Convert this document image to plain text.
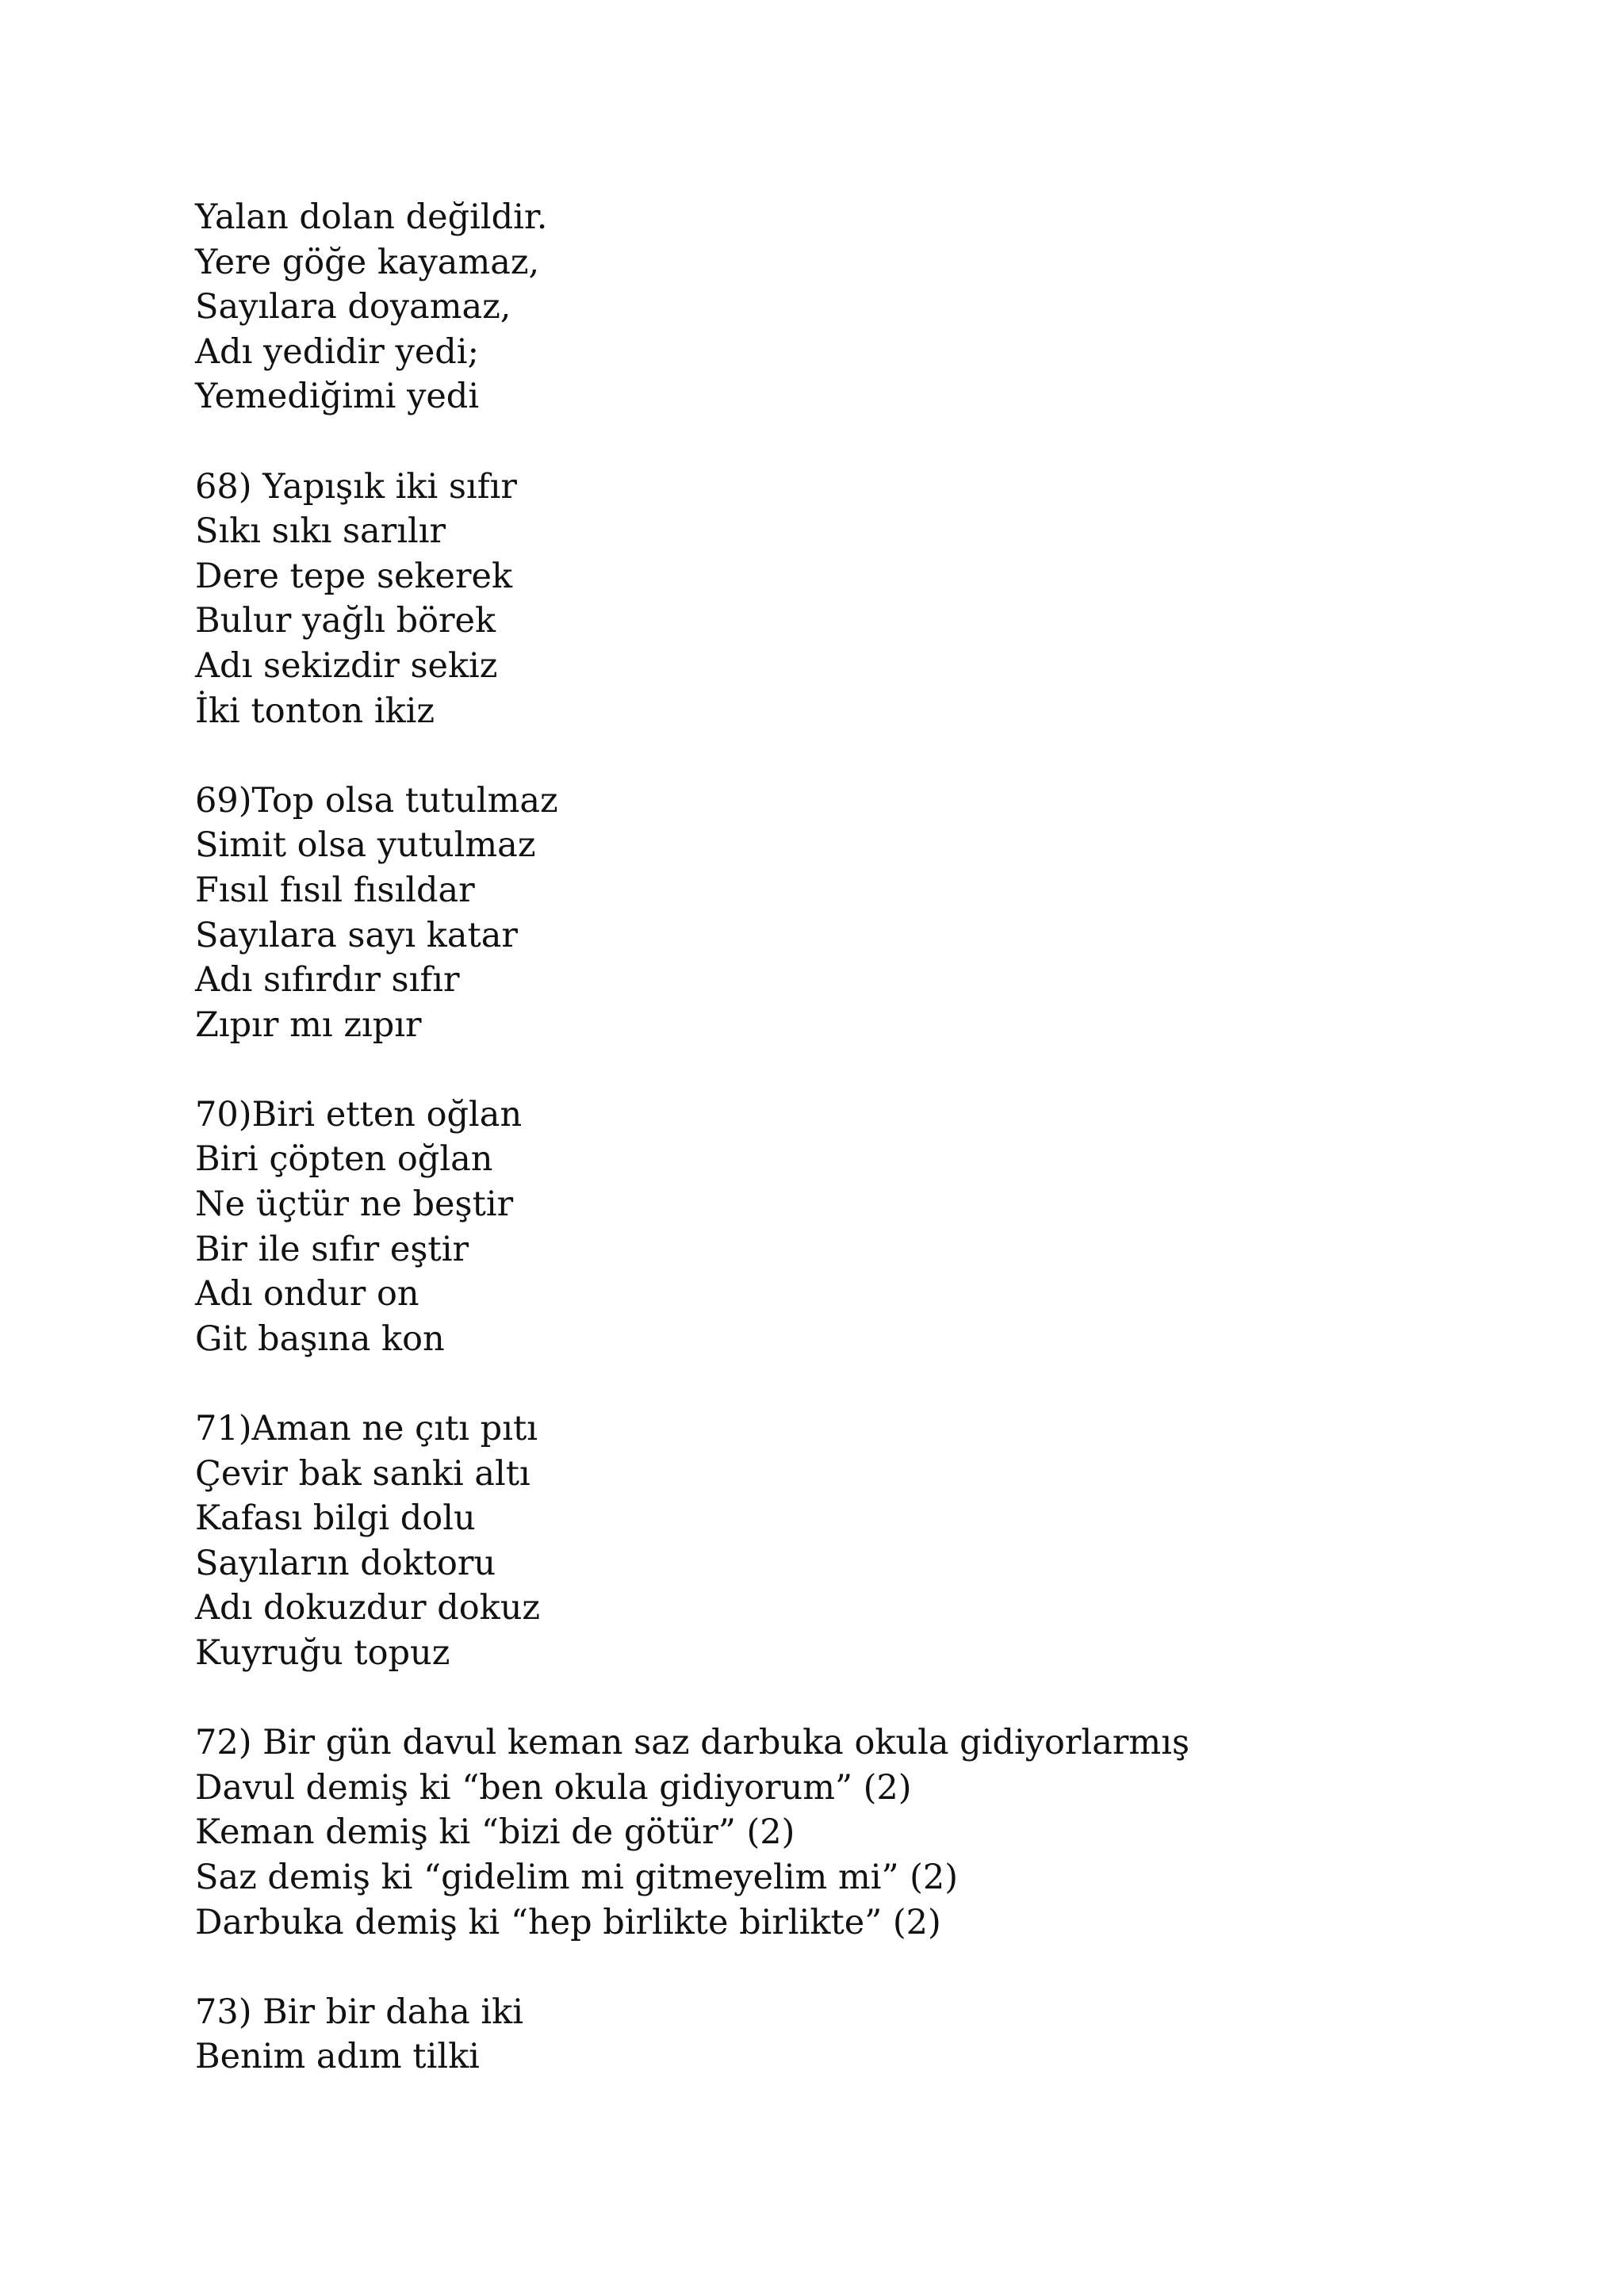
Yalan dolan değildir.
Yere göğe kayamaz,
Sayılara doyamaz,
Adı yedidir yedi;
Yemediğimi yedi
68) Yapışık iki sıfır
Sıkı sıkı sarılır
Dere tepe sekerek
Bulur yağlı börek
Adı sekizdir sekiz
İki tonton ikiz
69)Top olsa tutulmaz
Simit olsa yutulmaz
Fısıl fısıl fısıldar
Sayılara sayı katar
Adı sıfırdır sıfır
Zıpır mı zıpır
70)Biri etten oğlan
Biri çöpten oğlan
Ne üçtür ne beştir
Bir ile sıfır eştir
Adı ondur on
Git başına kon
71)Aman ne çıtı pıtı
Çevir bak sanki altı
Kafası bilgi dolu
Sayıların doktoru
Adı dokuzdur dokuz
Kuyruğu topuz
72) Bir gün davul keman saz darbuka okula gidiyorlarmış
Davul demiş ki “ben okula gidiyorum” (2)
Keman demiş ki “bizi de götür” (2)
Saz demiş ki “gidelim mi gitmeyelim mi” (2)
Darbuka demiş ki “hep birlikte birlikte” (2)
73) Bir bir daha iki
Benim adım tilki
